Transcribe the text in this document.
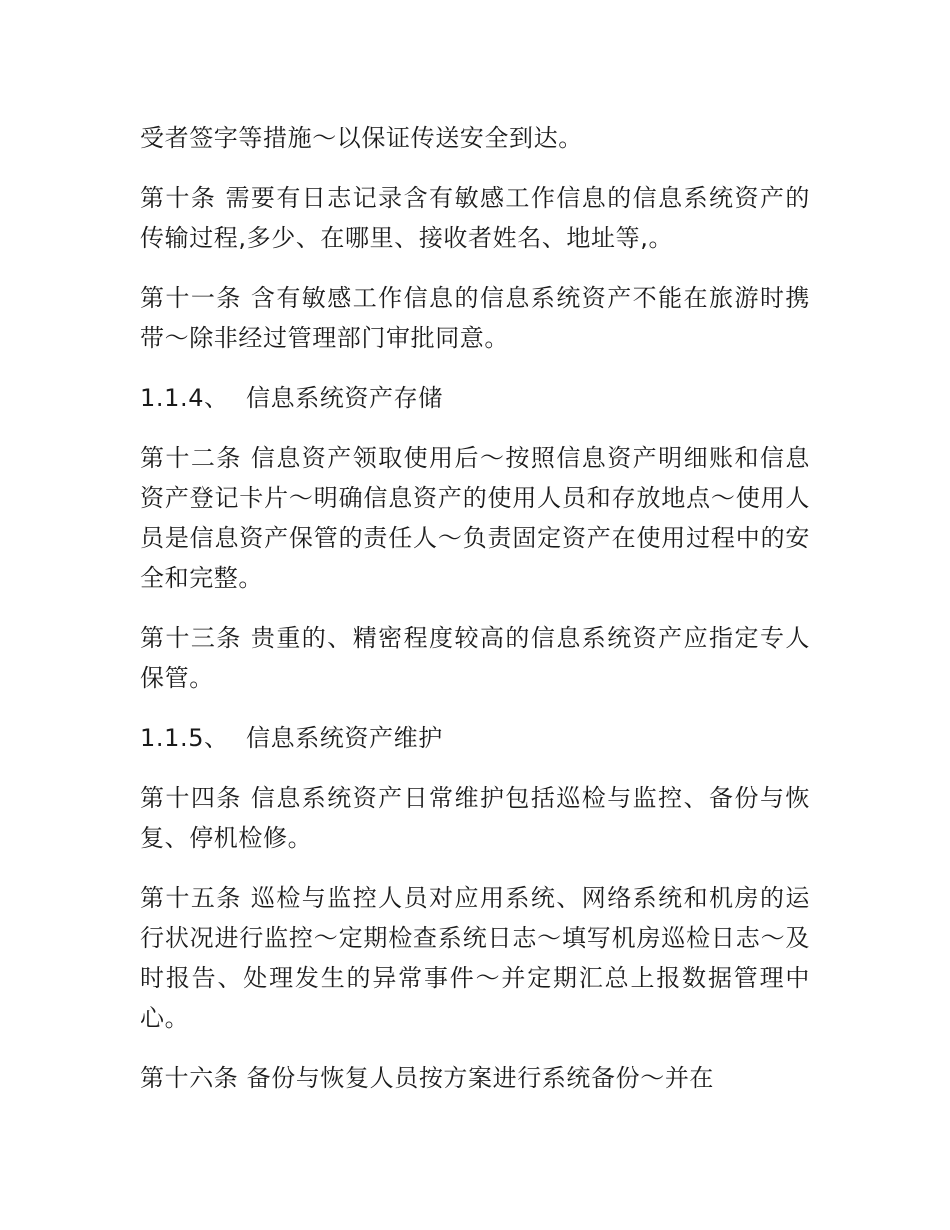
受者签字等措施～以保证传送安全到达。

第十条 需要有日志记录含有敏感工作信息的信息系统资产的传输过程,多少、在哪里、接收者姓名、地址等,。

第十一条 含有敏感工作信息的信息系统资产不能在旅游时携带～除非经过管理部门审批同意。

1.1.4、 信息系统资产存储

第十二条 信息资产领取使用后～按照信息资产明细账和信息资产登记卡片～明确信息资产的使用人员和存放地点～使用人员是信息资产保管的责任人～负责固定资产在使用过程中的安全和完整。

第十三条 贵重的、精密程度较高的信息系统资产应指定专人保管。

1.1.5、 信息系统资产维护

第十四条 信息系统资产日常维护包括巡检与监控、备份与恢复、停机检修。

第十五条 巡检与监控人员对应用系统、网络系统和机房的运行状况进行监控～定期检查系统日志～填写机房巡检日志～及时报告、处理发生的异常事件～并定期汇总上报数据管理中心。

第十六条 备份与恢复人员按方案进行系统备份～并在
